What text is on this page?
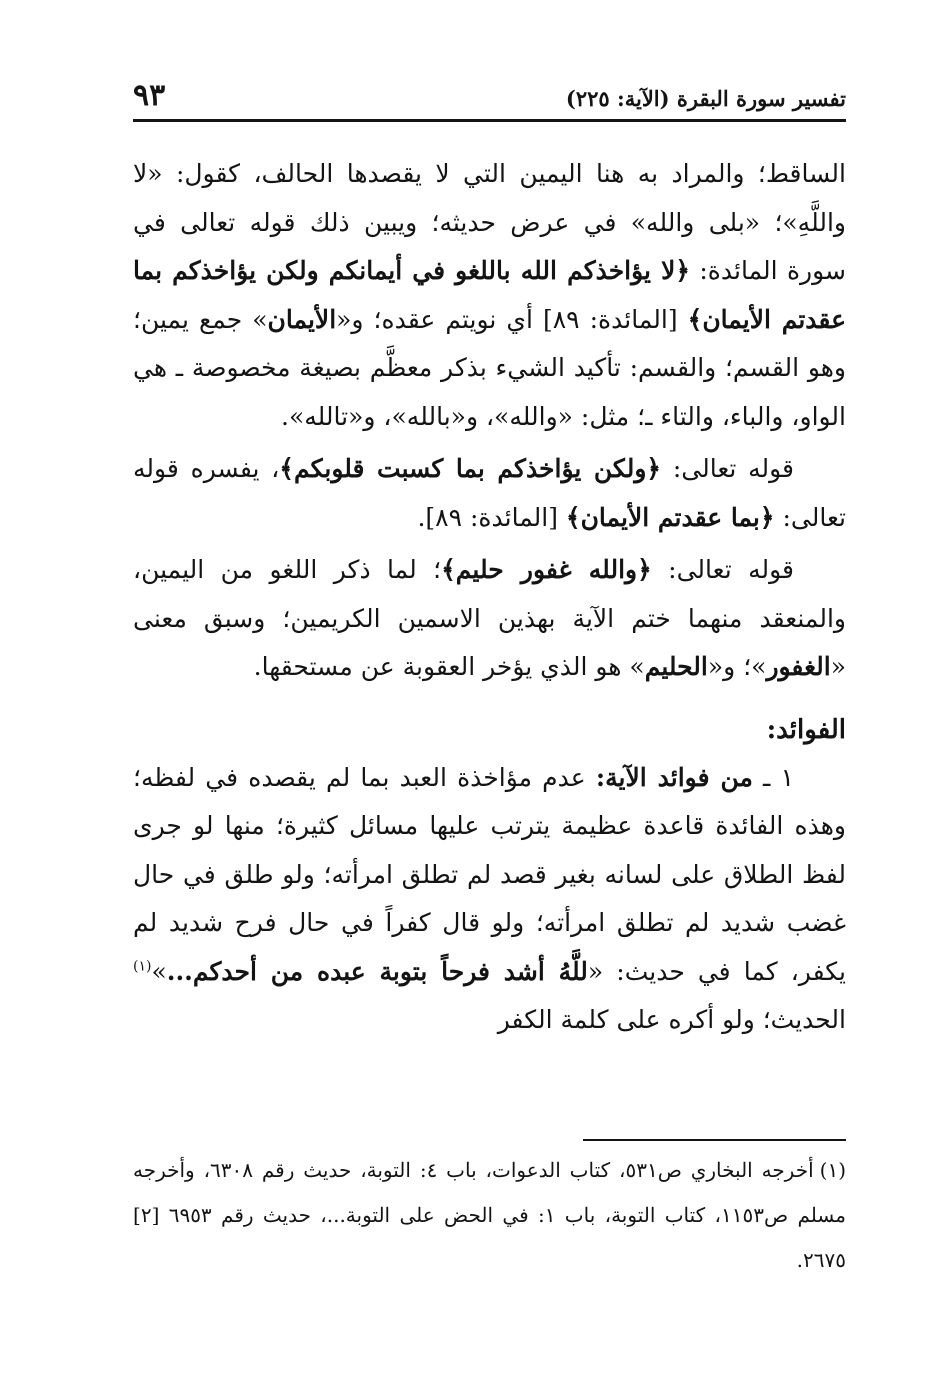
تفسير سورة البقرة (الآية: ٢٢٥)
٩٣

الساقط؛ والمراد به هنا اليمين التي لا يقصدها الحالف، كقول: «لا واللَّهِ»؛ «بلى والله» في عرض حديثه؛ ويبين ذلك قوله تعالى في سورة المائدة: ﴿لا يؤاخذكم الله باللغو في أيمانكم ولكن يؤاخذكم بما عقدتم الأيمان﴾ [المائدة: ٨٩] أي نويتم عقده؛ و«الأيمان» جمع يمين؛ وهو القسم؛ والقسم: تأكيد الشيء بذكر معظَّم بصيغة مخصوصة ـ هي الواو، والباء، والتاء ـ؛ مثل: «والله»، و«بالله»، و«تالله».

قوله تعالى: ﴿ولكن يؤاخذكم بما كسبت قلوبكم﴾، يفسره قوله تعالى: ﴿بما عقدتم الأيمان﴾ [المائدة: ٨٩].

قوله تعالى: ﴿والله غفور حليم﴾؛ لما ذكر اللغو من اليمين، والمنعقد منهما ختم الآية بهذين الاسمين الكريمين؛ وسبق معنى «الغفور»؛ و«الحليم» هو الذي يؤخر العقوبة عن مستحقها.

الفوائد:

١ ـ من فوائد الآية: عدم مؤاخذة العبد بما لم يقصده في لفظه؛ وهذه الفائدة قاعدة عظيمة يترتب عليها مسائل كثيرة؛ منها لو جرى لفظ الطلاق على لسانه بغير قصد لم تطلق امرأته؛ ولو طلق في حال غضب شديد لم تطلق امرأته؛ ولو قال كفراً في حال فرح شديد لم يكفر، كما في حديث: «للَّهُ أشد فرحاً بتوبة عبده من أحدكم...»$^{(١)}$ الحديث؛ ولو أكره على كلمة الكفر

(١)أخرجه البخاري ص٥٣١، كتاب الدعوات، باب ٤: التوبة، حديث رقم ٦٣٠٨، وأخرجه مسلم ص١١٥٣، كتاب التوبة، باب ١: في الحض على التوبة...، حديث رقم ٦٩٥٣ [٢] ٢٦٧٥.
